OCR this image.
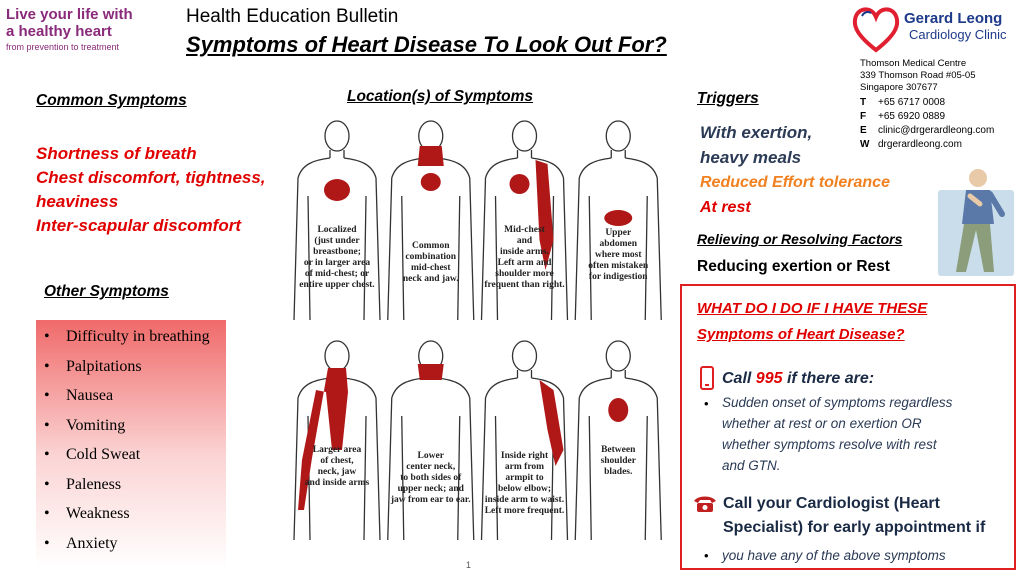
Live your life with
a healthy heart
from prevention to treatment
Health Education Bulletin
Symptoms of Heart Disease To Look Out For?
Gerard Leong
Cardiology Clinic
Thomson Medical Centre
339 Thomson Road #05-05
Singapore 307677
T +65 6717 0008
F +65 6920 0889
E clinic@drgerardleong.com
W drgerardleong.com
Common Symptoms
Shortness of breath
Chest discomfort, tightness,
heaviness
Inter-scapular discomfort
Other Symptoms
• Difficulty in breathing
• Palpitations
• Nausea
• Vomiting
• Cold Sweat
• Paleness
• Weakness
• Anxiety
Location(s) of Symptoms
Localized (just under breastbone; or in larger area of mid-chest; or entire upper chest.
Common combination mid-chest neck and jaw.
Mid-chest and inside arms. Left arm and shoulder more frequent than right.
Upper abdomen where most often mistaken for indigestion
Larger area of chest, neck, jaw and inside arms
Lower center neck, to both sides of upper neck; and jaw from ear to ear.
Inside right arm from armpit to below elbow; inside arm to waist. Left more frequent.
Between shoulder blades.
Triggers
With exertion,
heavy meals
Reduced Effort tolerance
At rest
Relieving or Resolving Factors
Reducing exertion or Rest
WHAT DO I DO IF I HAVE THESE
Symptoms of Heart Disease?
Call 995 if there are:
• Sudden onset of symptoms regardless
whether at rest or on exertion OR
whether symptoms resolve with rest
and GTN.
Call your Cardiologist (Heart
Specialist) for early appointment if
• you have any of the above symptoms
1
